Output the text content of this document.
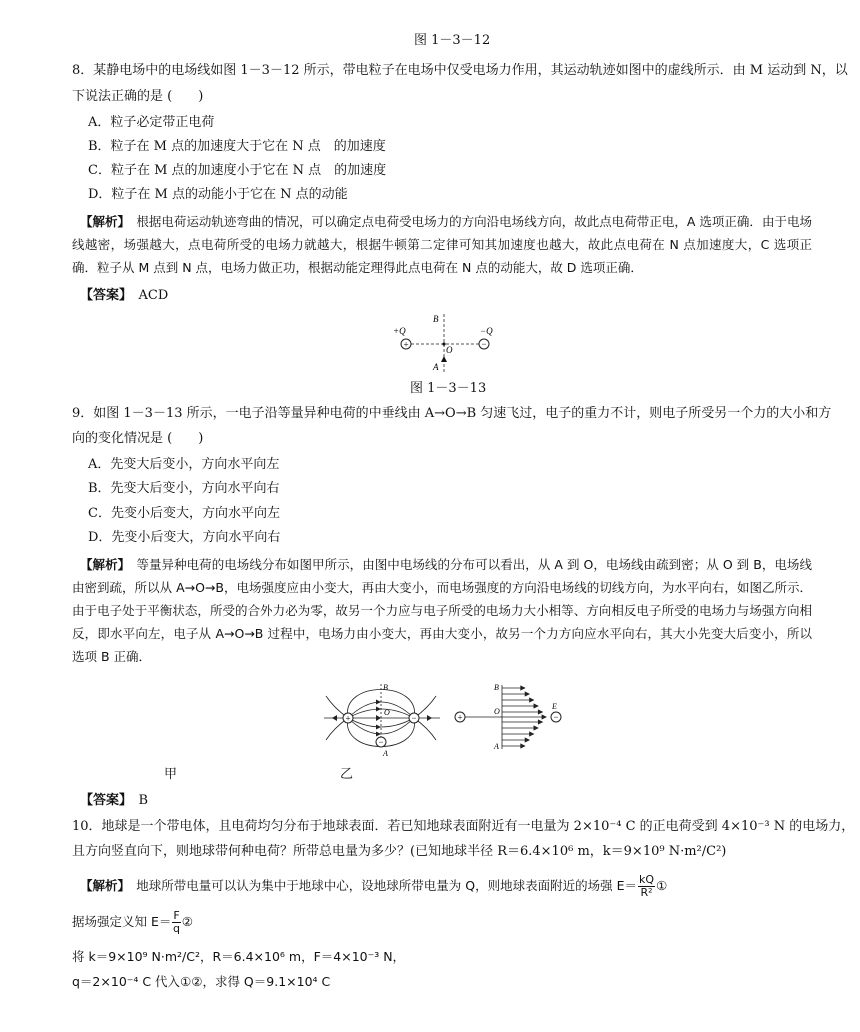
图 1－3－12
8．某静电场中的电场线如图 1－3－12 所示，带电粒子在电场中仅受电场力作用，其运动轨迹如图中的虚线所示．由 M 运动到 N，以
下说法正确的是 (　　)
A．粒子必定带正电荷
B．粒子在 M 点的加速度大于它在 N 点　的加速度
C．粒子在 M 点的加速度小于它在 N 点　的加速度
D．粒子在 M 点的动能小于它在 N 点的动能
【解析】　 根据电荷运动轨迹弯曲的情况，可以确定点电荷受电场力的方向沿电场线方向，故此点电荷带正电，A 选项正确．由于电场线越密，场强越大，点电荷所受的电场力就越大，根据牛顿第二定律可知其加速度也越大，故此点电荷在 N 点加速度大，C 选项正确．粒子从 M 点到 N 点，电场力做正功，根据动能定理得此点电荷在 N 点的动能大，故 D 选项正确．
【答案】　 ACD
+	−
+Q	−Q
B
O
A
图 1－3－13
9．如图 1－3－13 所示，一电子沿等量异种电荷的中垂线由 A→O→B 匀速飞过，电子的重力不计，则电子所受另一个力的大小和方
向的变化情况是 (　　)
A．先变大后变小，方向水平向左
B．先变大后变小，方向水平向右
C．先变小后变大，方向水平向左
D．先变小后变大，方向水平向右
【解析】　 等量异种电荷的电场线分布如图甲所示，由图中电场线的分布可以看出，从 A 到 O，电场线由疏到密；从 O 到 B，电场线由密到疏，所以从 A→O→B，电场强度应由小变大，再由大变小，而电场强度的方向沿电场线的切线方向，为水平向右，如图乙所示．由于电子处于平衡状态，所受的合外力必为零，故另一个力应与电子所受的电场力大小相等、方向相反电子所受的电场力与场强方向相反，即水平向左，电子从 A→O→B 过程中，电场力由小变大，再由大变小，故另一个力方向应水平向右，其大小先变大后变小，所以选项 B 正确．
+	−
−
B
O
A
+	−
B
O
A
E
甲	乙
【答案】　 B
10．地球是一个带电体，且电荷均匀分布于地球表面．若已知地球表面附近有一电量为 2×10⁻⁴ C 的正电荷受到 4×10⁻³ N 的电场力，
且方向竖直向下，则地球带何种电荷？所带总电量为多少？(已知地球半径 R＝6.4×10⁶ m，k＝9×10⁹ N·m²/C²)
【解析】　 地球所带电量可以认为集中于地球中心，设地球所带电量为 Q，则地球表面附近的场强 $E= \frac{kQ}{\text{R²}}$ ①
据场强定义知 $E= \frac{F}{q}$ ②
将 k＝9×10⁹ N·m²/C²，R＝6.4×10⁶ m，F＝4×10⁻³ N，
q＝2×10⁻⁴ C 代入①②，求得 Q＝9.1×10⁴ C
